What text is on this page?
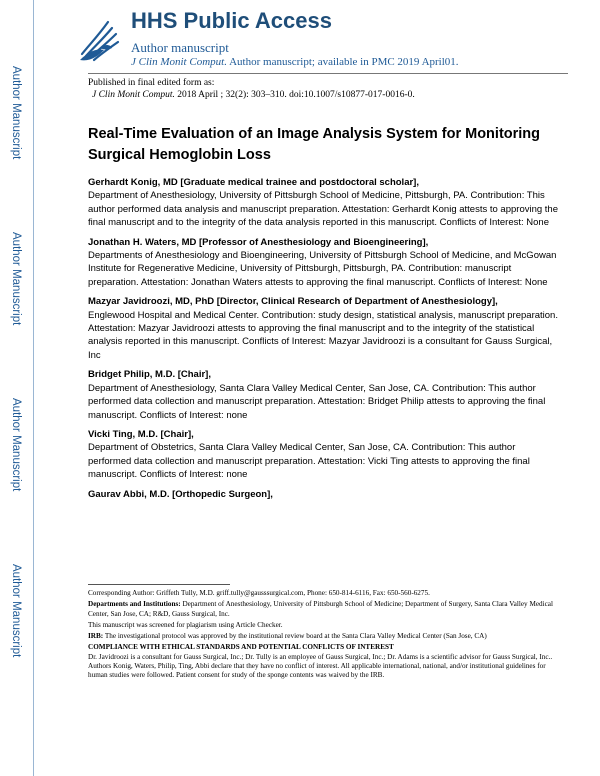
Author Manuscript
Author Manuscript
Author Manuscript
Author Manuscript
HHS Public Access
Author manuscript
J Clin Monit Comput. Author manuscript; available in PMC 2019 April01.
Published in final edited form as:
J Clin Monit Comput. 2018 April ; 32(2): 303–310. doi:10.1007/s10877-017-0016-0.
Real-Time Evaluation of an Image Analysis System for Monitoring Surgical Hemoglobin Loss
Gerhardt Konig, MD [Graduate medical trainee and postdoctoral scholar],
Department of Anesthesiology, University of Pittsburgh School of Medicine, Pittsburgh, PA. Contribution: This author performed data analysis and manuscript preparation. Attestation: Gerhardt Konig attests to approving the final manuscript and to the integrity of the data analysis reported in this manuscript. Conflicts of Interest: None
Jonathan H. Waters, MD [Professor of Anesthesiology and Bioengineering],
Departments of Anesthesiology and Bioengineering, University of Pittsburgh School of Medicine, and McGowan Institute for Regenerative Medicine, University of Pittsburgh, Pittsburgh, PA. Contribution: manuscript preparation. Attestation: Jonathan Waters attests to approving the final manuscript. Conflicts of Interest: None
Mazyar Javidroozi, MD, PhD [Director, Clinical Research of Department of Anesthesiology],
Englewood Hospital and Medical Center. Contribution: study design, statistical analysis, manuscript preparation. Attestation: Mazyar Javidroozi attests to approving the final manuscript and to the integrity of the statistical analysis reported in this manuscript. Conflicts of Interest: Mazyar Javidroozi is a consultant for Gauss Surgical, Inc
Bridget Philip, M.D. [Chair],
Department of Anesthesiology, Santa Clara Valley Medical Center, San Jose, CA. Contribution: This author performed data collection and manuscript preparation. Attestation: Bridget Philip attests to approving the final manuscript. Conflicts of Interest: none
Vicki Ting, M.D. [Chair],
Department of Obstetrics, Santa Clara Valley Medical Center, San Jose, CA. Contribution: This author performed data collection and manuscript preparation. Attestation: Vicki Ting attests to approving the final manuscript. Conflicts of Interest: none
Gaurav Abbi, M.D. [Orthopedic Surgeon],

Corresponding Author: Griffeth Tully, M.D. griff.tully@gausssurgical.com, Phone: 650-814-6116, Fax: 650-560-6275.

Departments and Institutions: Department of Anesthesiology, University of Pittsburgh School of Medicine; Department of Surgery, Santa Clara Valley Medical Center, San Jose, CA; R&D, Gauss Surgical, Inc.

This manuscript was screened for plagiarism using Article Checker.

IRB: The investigational protocol was approved by the institutional review board at the Santa Clara Valley Medical Center (San Jose, CA)

COMPLIANCE WITH ETHICAL STANDARDS AND POTENTIAL CONFLICTS OF INTEREST

Dr. Javidroozi is a consultant for Gauss Surgical, Inc.; Dr. Tully is an employee of Gauss Surgical, Inc.; Dr. Adams is a scientific advisor for Gauss Surgical, Inc.. Authors Konig, Waters, Philip, Ting, Abbi declare that they have no conflict of interest. All applicable international, national, and/or institutional guidelines for human studies were followed. Patient consent for study of the sponge contents was waived by the IRB.
